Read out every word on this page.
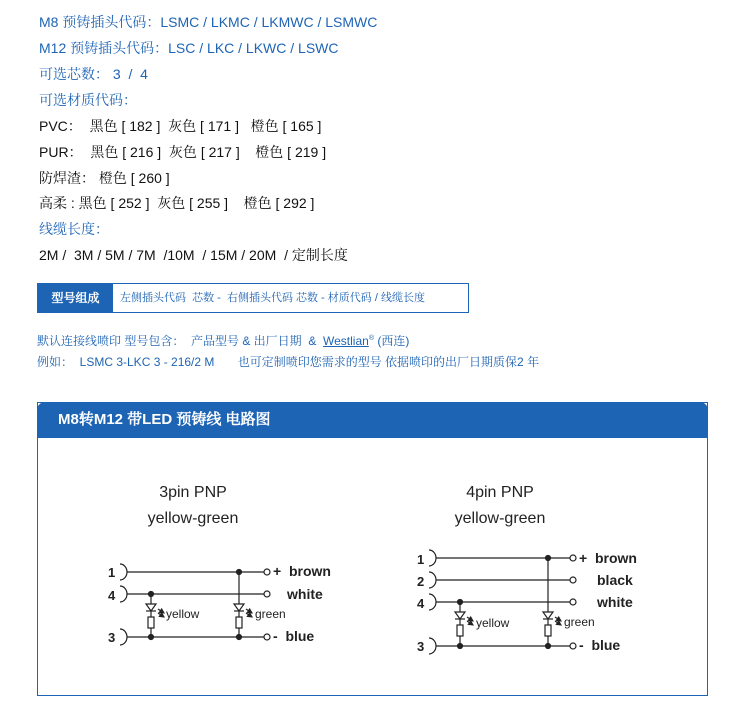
M8 预铸插头代码：LSMC / LKMC / LKMWC / LSMWC

M12 预铸插头代码：LSC / LKC / LKWC / LSWC

可选芯数： 3  /  4

可选材质代码：

PVC：  黑色 [ 182 ]  灰色 [ 171 ]   橙色 [ 165 ]

PUR：  黑色 [ 216 ]  灰色 [ 217 ]    橙色 [ 219 ]

防焊渣： 橙色 [ 260 ]

高柔 : 黑色 [ 252 ]  灰色 [ 255 ]    橙色 [ 292 ]

线缆长度：

2M /  3M / 5M / 7M  /10M  / 15M / 20M  / 定制长度

型号组成	左侧插头代码  芯数 -  右侧插头代码 芯数 - 材质代码 / 线缆长度
默认连接线喷印 型号包含：  产品型号 & 出厂日期  &  Westlian® (西连)
例如：  LSMC 3-LKC 3 - 216/2 M       也可定制喷印您需求的型号 依据喷印的出厂日期质保2 年
M8转M12 带LED 预铸线 电路图
3pin PNP
yellow-green
1
4
3
yellow	green
+  brown
white
-  blue
4pin PNP
yellow-green
1
2
4
3
yellow	green
+  brown
black
white
-  blue
